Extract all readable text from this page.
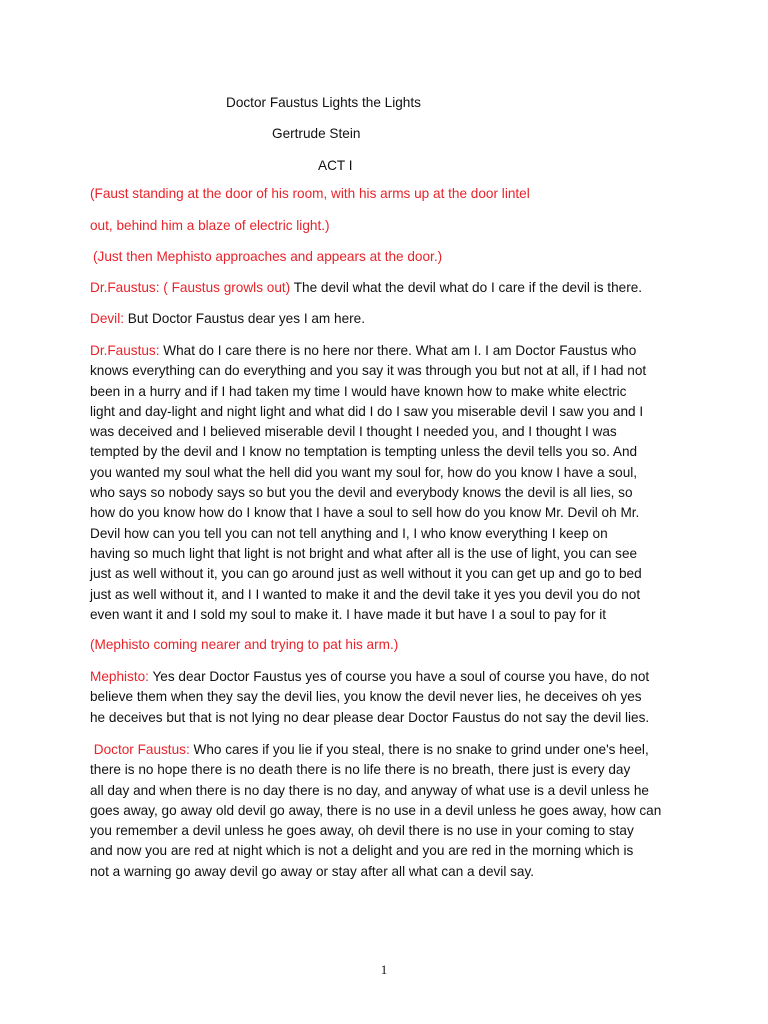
Doctor Faustus Lights the Lights
Gertrude Stein
ACT I
(Faust standing at the door of his room, with his arms up at the door lintel
out, behind him a blaze of electric light.)
(Just then Mephisto approaches and appears at the door.)
Dr.Faustus: ( Faustus growls out) The devil what the devil what do I care if the devil is there.
Devil: But Doctor Faustus dear yes I am here.
Dr.Faustus: What do I care there is no here nor there. What am I. I am Doctor Faustus who
knows everything can do everything and you say it was through you but not at all, if I had not
been in a hurry and if I had taken my time I would have known how to make white electric
light and day-light and night light and what did I do I saw you miserable devil I saw you and I
was deceived and I believed miserable devil I thought I needed you, and I thought I was
tempted by the devil and I know no temptation is tempting unless the devil tells you so. And
you wanted my soul what the hell did you want my soul for, how do you know I have a soul,
who says so nobody says so but you the devil and everybody knows the devil is all lies, so
how do you know how do I know that I have a soul to sell how do you know Mr. Devil oh Mr.
Devil how can you tell you can not tell anything and I, I who know everything I keep on
having so much light that light is not bright and what after all is the use of light, you can see
just as well without it, you can go around just as well without it you can get up and go to bed
just as well without it, and I I wanted to make it and the devil take it yes you devil you do not
even want it and I sold my soul to make it. I have made it but have I a soul to pay for it
(Mephisto coming nearer and trying to pat his arm.)
Mephisto: Yes dear Doctor Faustus yes of course you have a soul of course you have, do not
believe them when they say the devil lies, you know the devil never lies, he deceives oh yes
he deceives but that is not lying no dear please dear Doctor Faustus do not say the devil lies.
Doctor Faustus: Who cares if you lie if you steal, there is no snake to grind under one's heel,
there is no hope there is no death there is no life there is no breath, there just is every day
all day and when there is no day there is no day, and anyway of what use is a devil unless he
goes away, go away old devil go away, there is no use in a devil unless he goes away, how can
you remember a devil unless he goes away, oh devil there is no use in your coming to stay
and now you are red at night which is not a delight and you are red in the morning which is
not a warning go away devil go away or stay after all what can a devil say.
1
